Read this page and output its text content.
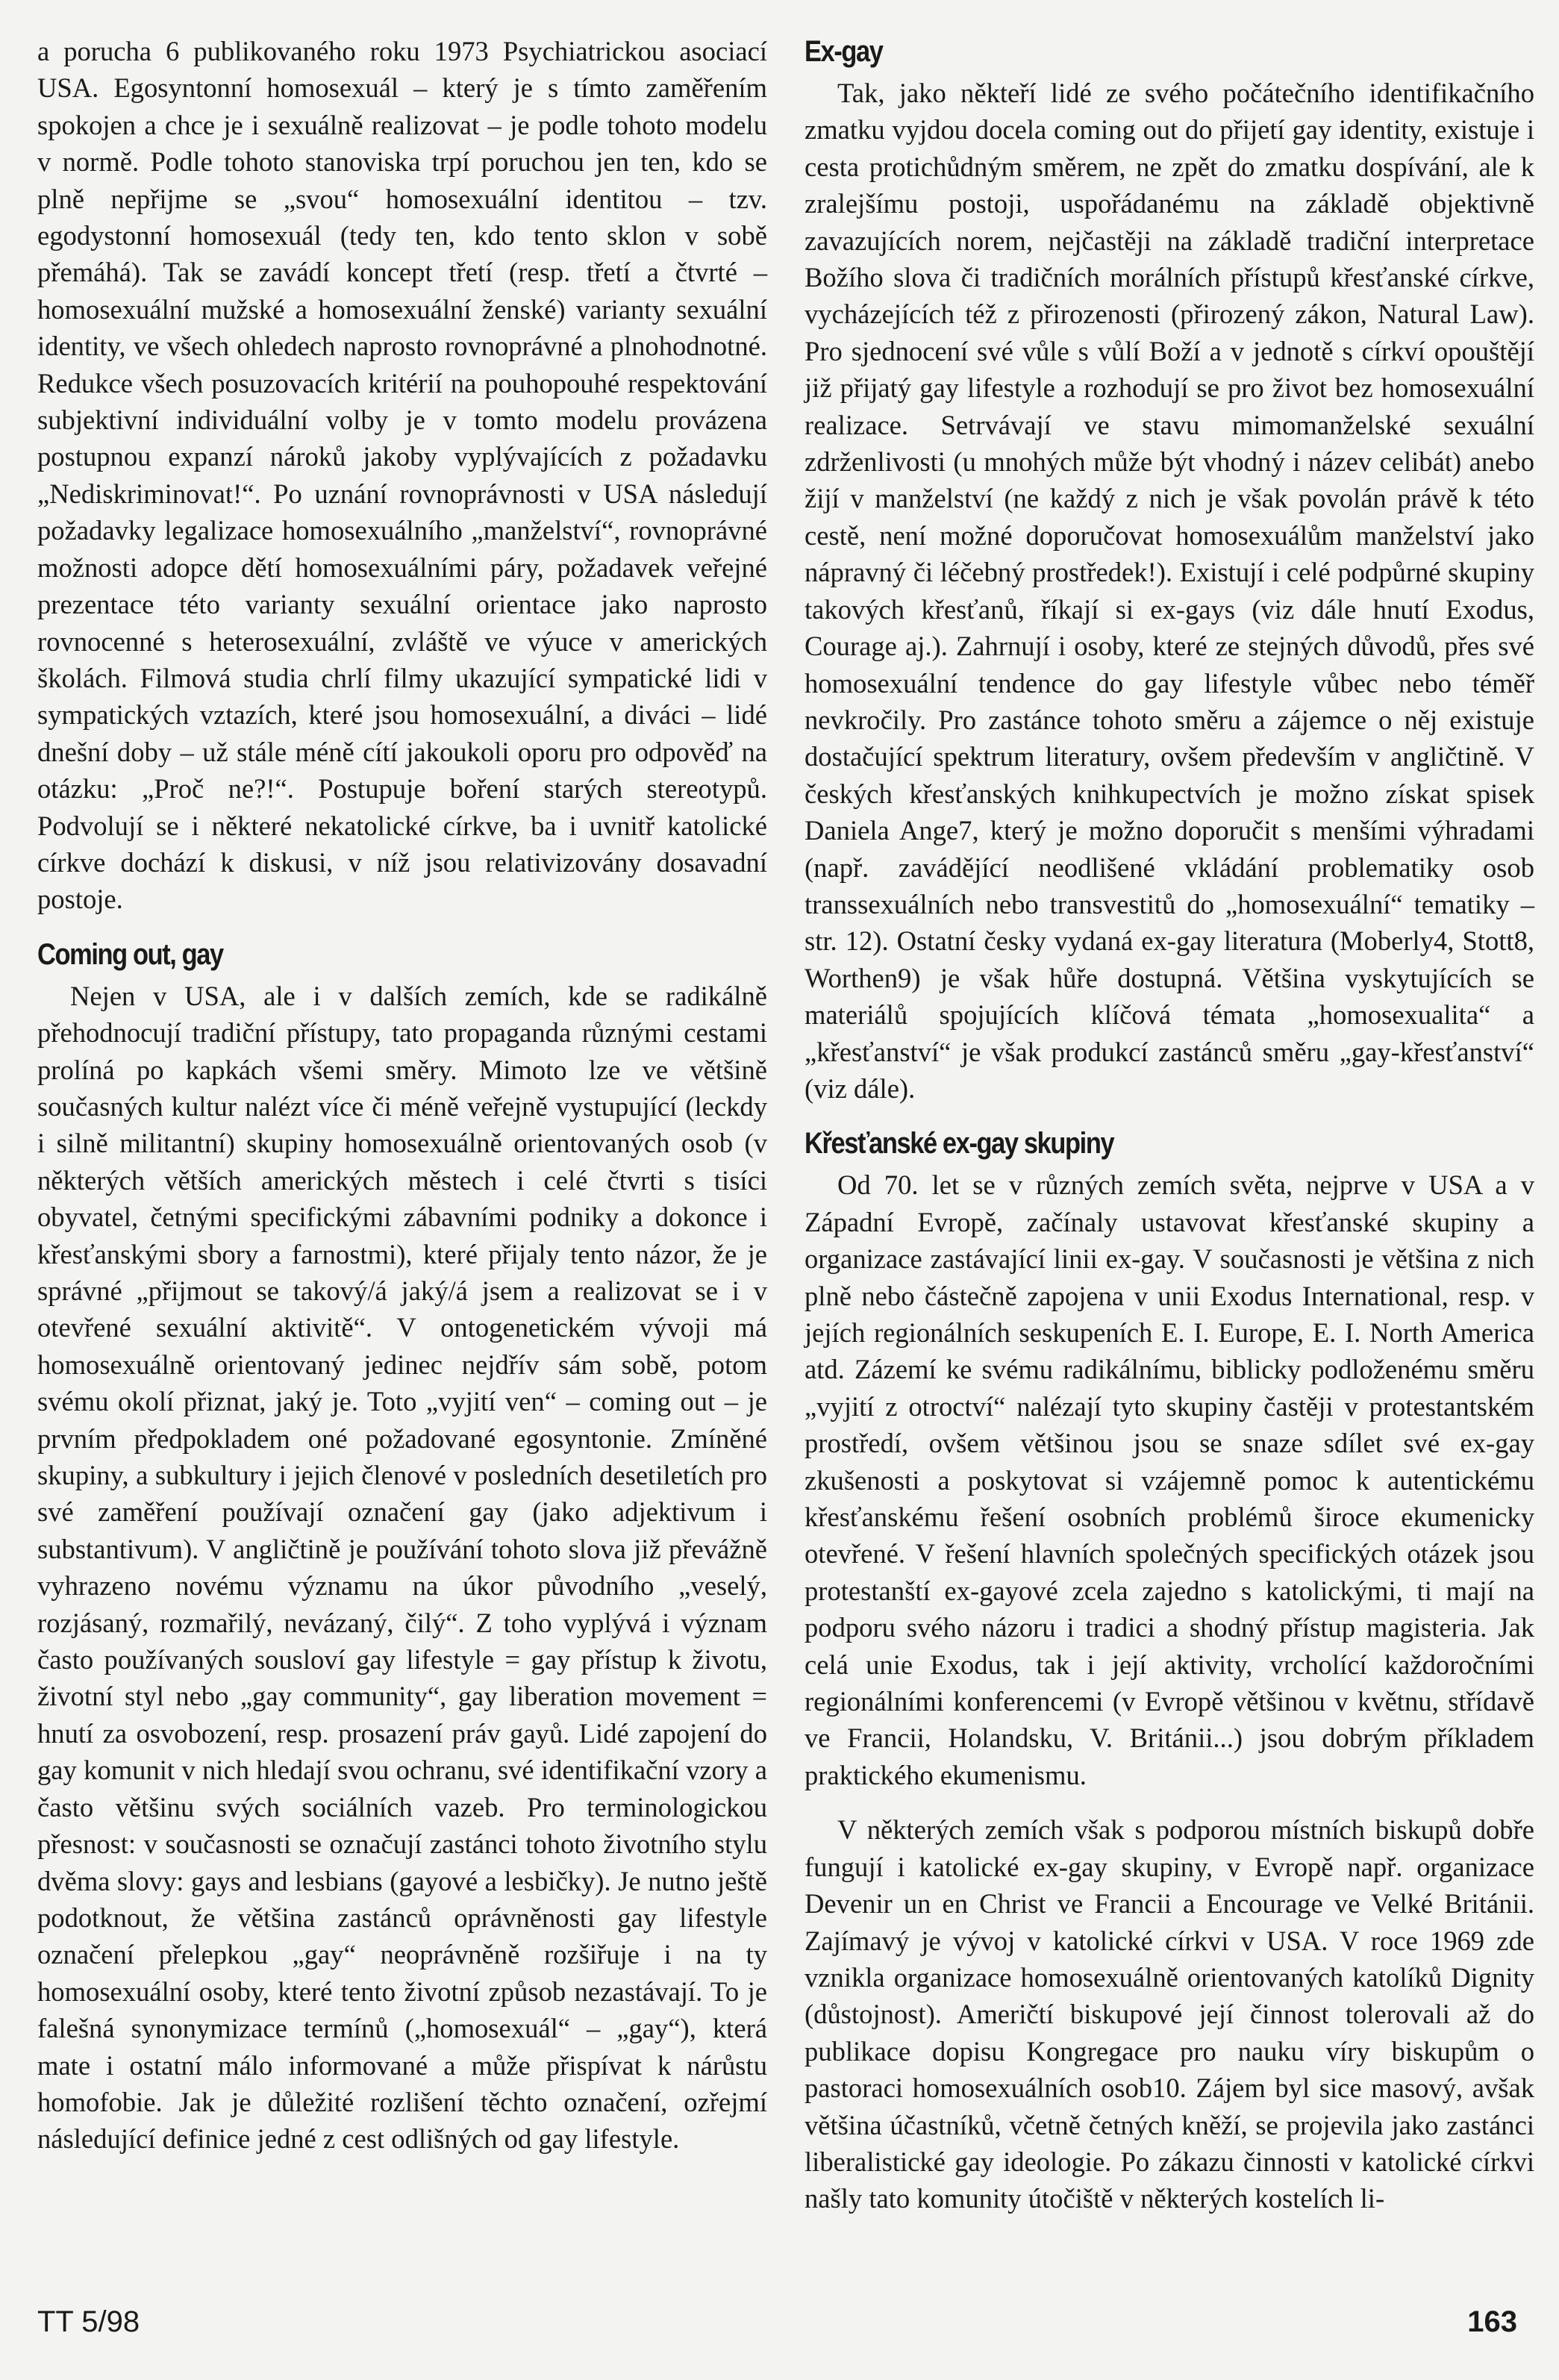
a porucha 6 publikovaného roku 1973 Psychiatrickou asociací USA. Egosyntonní homosexuál – který je s tímto zaměřením spokojen a chce je i sexuálně realizovat – je podle tohoto modelu v normě. Podle tohoto stanoviska trpí poruchou jen ten, kdo se plně nepřijme se „svou“ homosexuální identitou – tzv. egodystonní homosexuál (tedy ten, kdo tento sklon v sobě přemáhá). Tak se zavádí koncept třetí (resp. třetí a čtvrté – homosexuální mužské a homosexuální ženské) varianty sexuální identity, ve všech ohledech naprosto rovnoprávné a plnohodnotné. Redukce všech posuzovacích kritérií na pouhopouhé respektování subjektivní individuální volby je v tomto modelu provázena postupnou expanzí nároků jakoby vyplývajících z požadavku „Nediskriminovat!“. Po uznání rovnoprávnosti v USA následují požadavky legalizace homosexuálního „manželství“, rovnoprávné možnosti adopce dětí homosexuálními páry, požadavek veřejné prezentace této varianty sexuální orientace jako naprosto rovnocenné s heterosexuální, zvláště ve výuce v amerických školách. Filmová studia chrlí filmy ukazující sympatické lidi v sympatických vztazích, které jsou homosexuální, a diváci – lidé dnešní doby – už stále méně cítí jakoukoli oporu pro odpověď na otázku: „Proč ne?!“. Postupuje boření starých stereotypů. Podvolují se i některé nekatolické církve, ba i uvnitř katolické církve dochází k diskusi, v níž jsou relativizovány dosavadní postoje.

Coming out, gay

Nejen v USA, ale i v dalších zemích, kde se radikálně přehodnocují tradiční přístupy, tato propaganda různými cestami prolíná po kapkách všemi směry. Mimoto lze ve většině současných kultur nalézt více či méně veřejně vystupující (leckdy i silně militantní) skupiny homosexuálně orientovaných osob (v některých větších amerických městech i celé čtvrti s tisíci obyvatel, četnými specifickými zábavními podniky a dokonce i křesťanskými sbory a farnostmi), které přijaly tento názor, že je správné „přijmout se takový/á jaký/á jsem a realizovat se i v otevřené sexuální aktivitě“. V ontogenetickém vývoji má homosexuálně orientovaný jedinec nejdřív sám sobě, potom svému okolí přiznat, jaký je. Toto „vyjití ven“ – coming out – je prvním předpokladem oné požadované egosyntonie. Zmíněné skupiny, a subkultury i jejich členové v posledních desetiletích pro své zaměření používají označení gay (jako adjektivum i substantivum). V angličtině je používání tohoto slova již převážně vyhrazeno novému významu na úkor původního „veselý, rozjásaný, rozmařilý, nevázaný, čilý“. Z toho vyplývá i význam často používaných sousloví gay lifestyle = gay přístup k životu, životní styl nebo „gay community“, gay liberation movement = hnutí za osvobození, resp. prosazení práv gayů. Lidé zapojení do gay komunit v nich hledají svou ochranu, své identifikační vzory a často většinu svých sociálních vazeb. Pro terminologickou přesnost: v současnosti se označují zastánci tohoto životního stylu dvěma slovy: gays and lesbians (gayové a lesbičky). Je nutno ještě podotknout, že většina zastánců oprávněnosti gay lifestyle označení přelepkou „gay“ neoprávněně rozšiřuje i na ty homosexuální osoby, které tento životní způsob nezastávají. To je falešná synonymizace termínů („homosexuál“ – „gay“), která mate i ostatní málo informované a může přispívat k nárůstu homofobie. Jak je důležité rozlišení těchto označení, ozřejmí následující definice jedné z cest odlišných od gay lifestyle.

Ex-gay

Tak, jako někteří lidé ze svého počátečního identifikačního zmatku vyjdou docela coming out do přijetí gay identity, existuje i cesta protichůdným směrem, ne zpět do zmatku dospívání, ale k zralejšímu postoji, uspořádanému na základě objektivně zavazujících norem, nejčastěji na základě tradiční interpretace Božího slova či tradičních morálních přístupů křesťanské církve, vycházejících též z přirozenosti (přirozený zákon, Natural Law). Pro sjednocení své vůle s vůlí Boží a v jednotě s církví opouštějí již přijatý gay lifestyle a rozhodují se pro život bez homosexuální realizace. Setrvávají ve stavu mimomanželské sexuální zdrženlivosti (u mnohých může být vhodný i název celibát) anebo žijí v manželství (ne každý z nich je však povolán právě k této cestě, není možné doporučovat homosexuálům manželství jako nápravný či léčebný prostředek!). Existují i celé podpůrné skupiny takových křesťanů, říkají si ex-gays (viz dále hnutí Exodus, Courage aj.). Zahrnují i osoby, které ze stejných důvodů, přes své homosexuální tendence do gay lifestyle vůbec nebo téměř nevkročily. Pro zastánce tohoto směru a zájemce o něj existuje dostačující spektrum literatury, ovšem především v angličtině. V českých křesťanských knihkupectvích je možno získat spisek Daniela Ange7, který je možno doporučit s menšími výhradami (např. zavádějící neodlišené vkládání problematiky osob transsexuálních nebo transvestitů do „homosexuální“ tematiky – str. 12). Ostatní česky vydaná ex-gay literatura (Moberly4, Stott8, Worthen9) je však hůře dostupná. Většina vyskytujících se materiálů spojujících klíčová témata „homosexualita“ a „křesťanství“ je však produkcí zastánců směru „gay-křesťanství“ (viz dále).

Křesťanské ex-gay skupiny

Od 70. let se v různých zemích světa, nejprve v USA a v Západní Evropě, začínaly ustavovat křesťanské skupiny a organizace zastávající linii ex-gay. V současnosti je většina z nich plně nebo částečně zapojena v unii Exodus International, resp. v jejích regionálních seskupeních E. I. Europe, E. I. North America atd. Zázemí ke svému radikálnímu, biblicky podloženému směru „vyjití z otroctví“ nalézají tyto skupiny častěji v protestantském prostředí, ovšem většinou jsou se snaze sdílet své ex-gay zkušenosti a poskytovat si vzájemně pomoc k autentickému křesťanskému řešení osobních problémů široce ekumenicky otevřené. V řešení hlavních společných specifických otázek jsou protestanští ex-gayové zcela zajedno s katolickými, ti mají na podporu svého názoru i tradici a shodný přístup magisteria. Jak celá unie Exodus, tak i její aktivity, vrcholící každoročními regionálními konferencemi (v Evropě většinou v květnu, střídavě ve Francii, Holandsku, V. Británii...) jsou dobrým příkladem praktického ekumenismu.

V některých zemích však s podporou místních biskupů dobře fungují i katolické ex-gay skupiny, v Evropě např. organizace Devenir un en Christ ve Francii a Encourage ve Velké Británii. Zajímavý je vývoj v katolické církvi v USA. V roce 1969 zde vznikla organizace homosexuálně orientovaných katolíků Dignity (důstojnost). Američtí biskupové její činnost tolerovali až do publikace dopisu Kongregace pro nauku víry biskupům o pastoraci homosexuálních osob10. Zájem byl sice masový, avšak většina účastníků, včetně četných kněží, se projevila jako zastánci liberalistické gay ideologie. Po zákazu činnosti v katolické církvi našly tato komunity útočiště v některých kostelích li-

TT 5/98	163
